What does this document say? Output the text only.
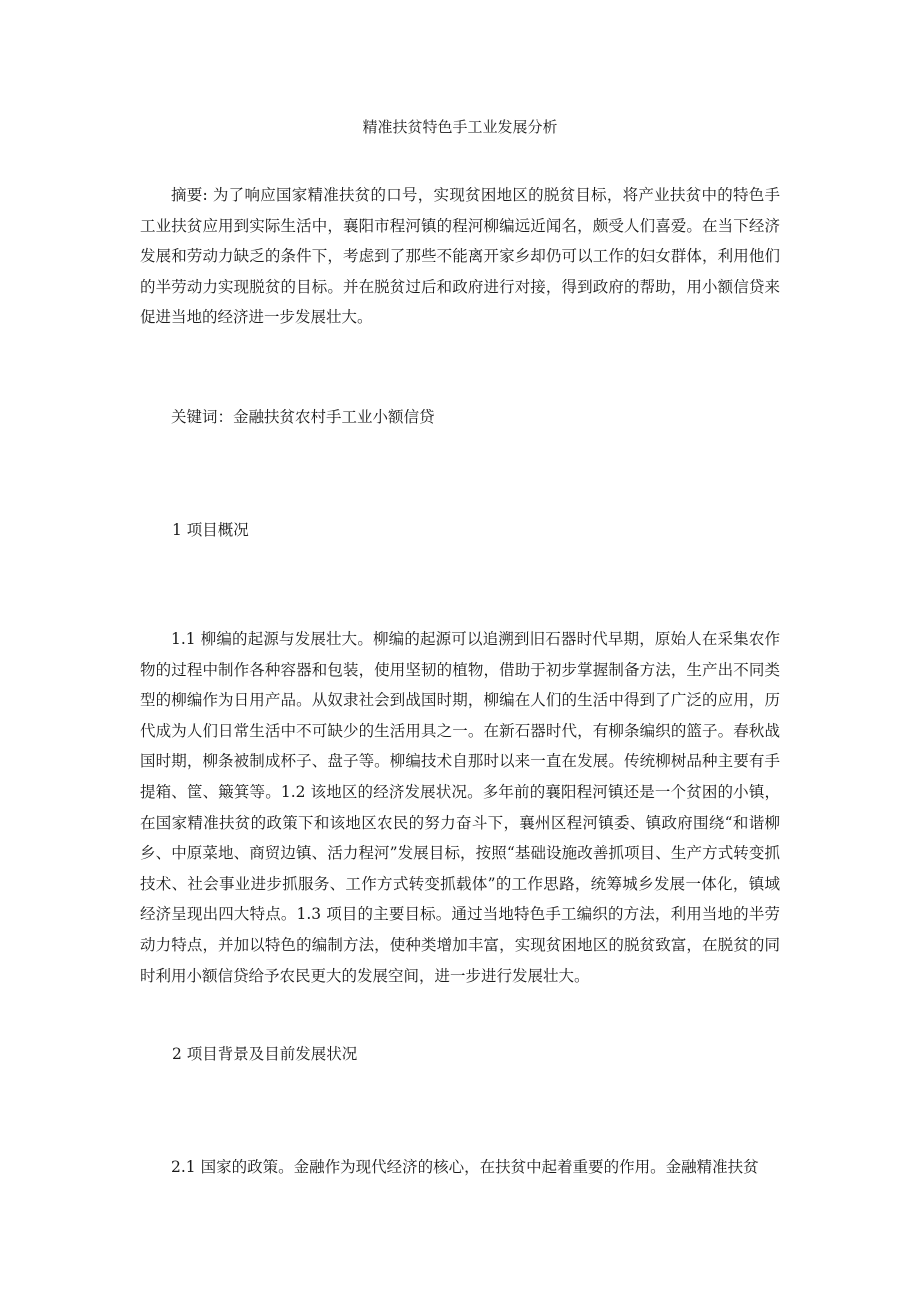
精准扶贫特色手工业发展分析

摘要: 为了响应国家精准扶贫的口号，实现贫困地区的脱贫目标，将产业扶贫中的特色手工业扶贫应用到实际生活中，襄阳市程河镇的程河柳编远近闻名，颇受人们喜爱。在当下经济发展和劳动力缺乏的条件下，考虑到了那些不能离开家乡却仍可以工作的妇女群体，利用他们的半劳动力实现脱贫的目标。并在脱贫过后和政府进行对接，得到政府的帮助，用小额信贷来促进当地的经济进一步发展壮大。

关键词：金融扶贫农村手工业小额信贷

1 项目概况

1.1 柳编的起源与发展壮大。柳编的起源可以追溯到旧石器时代早期，原始人在采集农作物的过程中制作各种容器和包装，使用坚韧的植物，借助于初步掌握制备方法，生产出不同类型的柳编作为日用产品。从奴隶社会到战国时期，柳编在人们的生活中得到了广泛的应用，历代成为人们日常生活中不可缺少的生活用具之一。在新石器时代，有柳条编织的篮子。春秋战国时期，柳条被制成杯子、盘子等。柳编技术自那时以来一直在发展。传统柳树品种主要有手提箱、筐、簸箕等。1.2 该地区的经济发展状况。多年前的襄阳程河镇还是一个贫困的小镇，在国家精准扶贫的政策下和该地区农民的努力奋斗下，襄州区程河镇委、镇政府围绕“和谐柳乡、中原菜地、商贸边镇、活力程河”发展目标，按照“基础设施改善抓项目、生产方式转变抓技术、社会事业进步抓服务、工作方式转变抓载体”的工作思路，统筹城乡发展一体化，镇域经济呈现出四大特点。1.3 项目的主要目标。通过当地特色手工编织的方法，利用当地的半劳动力特点，并加以特色的编制方法，使种类增加丰富，实现贫困地区的脱贫致富，在脱贫的同时利用小额信贷给予农民更大的发展空间，进一步进行发展壮大。

2 项目背景及目前发展状况

2.1 国家的政策。金融作为现代经济的核心，在扶贫中起着重要的作用。金融精准扶贫
